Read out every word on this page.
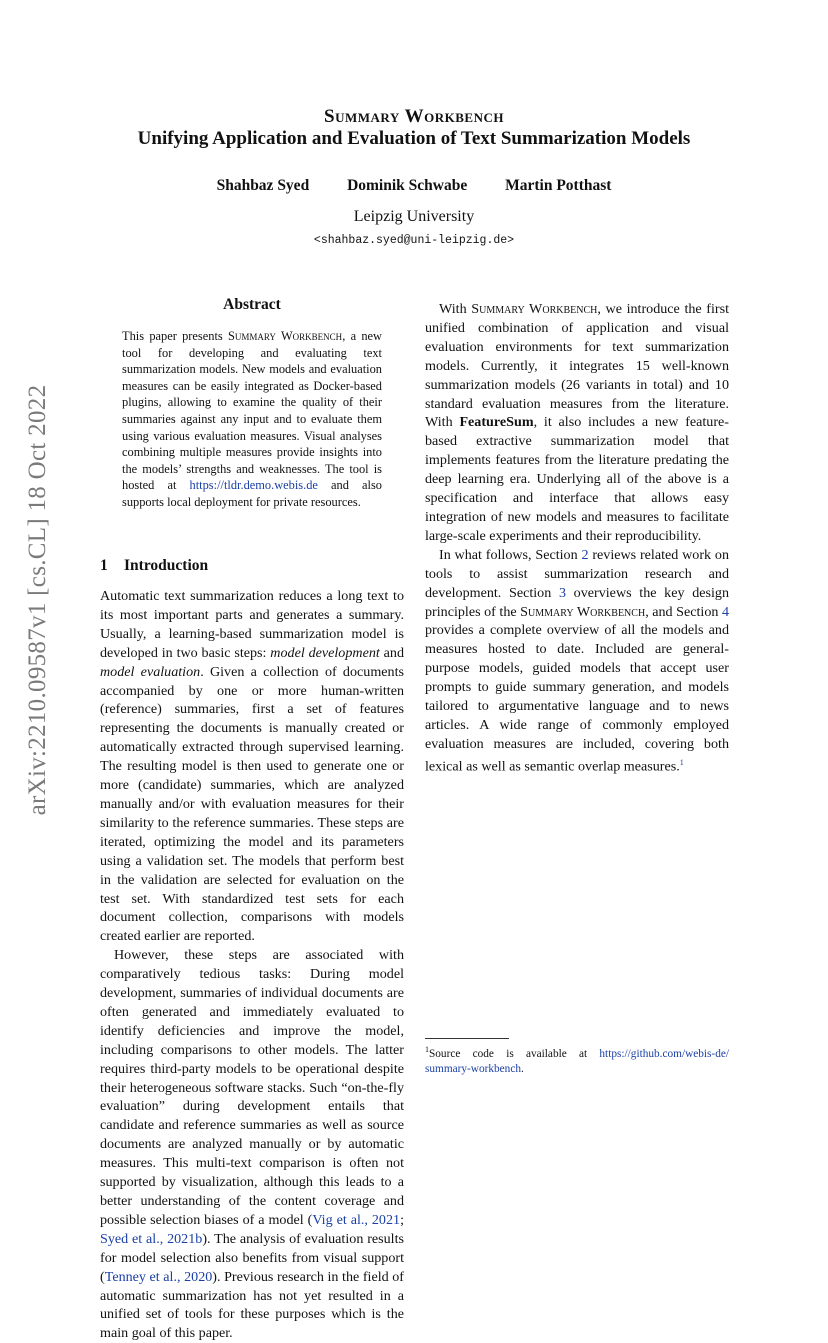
arXiv:2210.09587v1 [cs.CL] 18 Oct 2022
Summary Workbench
Unifying Application and Evaluation of Text Summarization Models
Shahbaz Syed Dominik Schwabe Martin Potthast
Leipzig University
<shahbaz.syed@uni-leipzig.de>
Abstract
This paper presents Summary Workbench, a new tool for developing and evaluating text summarization models. New models and evaluation measures can be easily integrated as Docker-based plugins, allowing to examine the quality of their summaries against any input and to evaluate them using various evaluation measures. Visual analyses combining multiple measures provide insights into the models’ strengths and weaknesses. The tool is hosted at https://tldr.demo.webis.de and also supports local deployment for private resources.
1 Introduction

Automatic text summarization reduces a long text to its most important parts and generates a summary. Usually, a learning-based summarization model is developed in two basic steps: model development and model evaluation. Given a collection of documents accompanied by one or more human-written (reference) summaries, first a set of features representing the documents is manually created or automatically extracted through supervised learning. The resulting model is then used to generate one or more (candidate) summaries, which are analyzed manually and/or with evaluation measures for their similarity to the reference summaries. These steps are iterated, optimizing the model and its parameters using a validation set. The models that perform best in the validation are selected for evaluation on the test set. With standardized test sets for each document collection, comparisons with models created earlier are reported.

However, these steps are associated with comparatively tedious tasks: During model development, summaries of individual documents are often generated and immediately evaluated to identify deficiencies and improve the model, including comparisons to other models. The latter requires third-party models to be operational despite their heterogeneous software stacks. Such “on-the-fly evaluation” during development entails that candidate and reference summaries as well as source documents are analyzed manually or by automatic measures. This multi-text comparison is often not supported by visualization, although this leads to a better understanding of the content coverage and possible selection biases of a model (Vig et al., 2021; Syed et al., 2021b). The analysis of evaluation results for model selection also benefits from visual support (Tenney et al., 2020). Previous research in the field of automatic summarization has not yet resulted in a unified set of tools for these purposes which is the main goal of this paper.

With Summary Workbench, we introduce the first unified combination of application and visual evaluation environments for text summarization models. Currently, it integrates 15 well-known summarization models (26 variants in total) and 10 standard evaluation measures from the literature. With FeatureSum, it also includes a new feature-based extractive summarization model that implements features from the literature predating the deep learning era. Underlying all of the above is a specification and interface that allows easy integration of new models and measures to facilitate large-scale experiments and their reproducibility.

In what follows, Section 2 reviews related work on tools to assist summarization research and development. Section 3 overviews the key design principles of the Summary Workbench, and Section 4 provides a complete overview of all the models and measures hosted to date. Included are general-purpose models, guided models that accept user prompts to guide summary generation, and models tailored to argumentative language and to news articles. A wide range of commonly employed evaluation measures are included, covering both lexical as well as semantic overlap measures.$^1$

$^1$Source code is available at https://github.com/webis-de/ summary-workbench.
